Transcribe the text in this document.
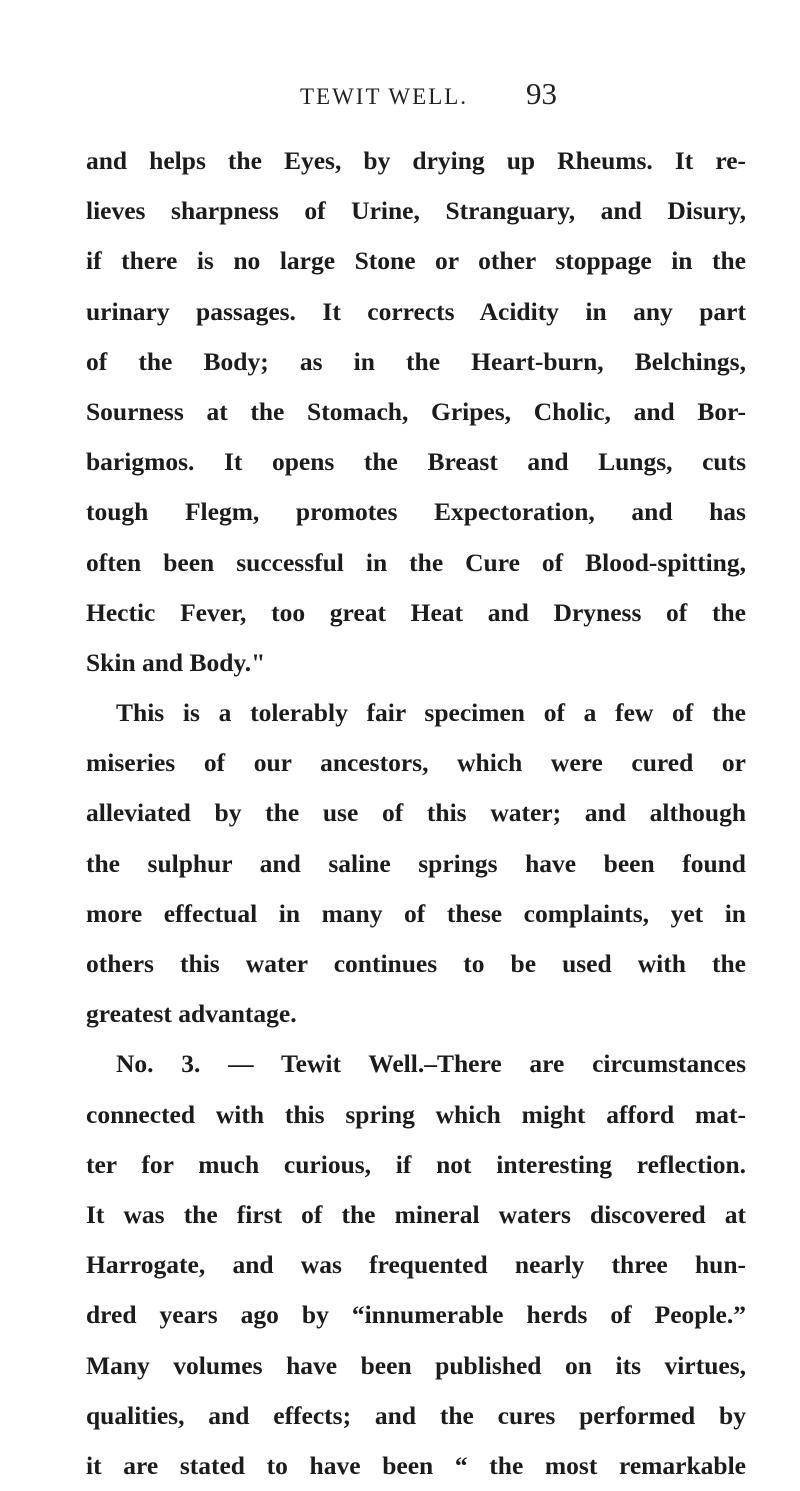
TEWIT WELL. 93
and helps the Eyes, by drying up Rheums. It re-
lieves sharpness of Urine, Stranguary, and Disury,
if there is no large Stone or other stoppage in the
urinary passages. It corrects Acidity in any part
of the Body; as in the Heart-burn, Belchings,
Sourness at the Stomach, Gripes, Cholic, and Bor-
barigmos. It opens the Breast and Lungs, cuts
tough Flegm, promotes Expectoration, and has
often been successful in the Cure of Blood-spitting,
Hectic Fever, too great Heat and Dryness of the
Skin and Body."
This is a tolerably fair specimen of a few of the
miseries of our ancestors, which were cured or
alleviated by the use of this water; and although
the sulphur and saline springs have been found
more effectual in many of these complaints, yet in
others this water continues to be used with the
greatest advantage.
No. 3. — Tewit Well.–There are circumstances
connected with this spring which might afford mat-
ter for much curious, if not interesting reflection.
It was the first of the mineral waters discovered at
Harrogate, and was frequented nearly three hun-
dred years ago by “innumerable herds of People.”
Many volumes have been published on its virtues,
qualities, and effects; and the cures performed by
it are stated to have been “ the most remarkable
